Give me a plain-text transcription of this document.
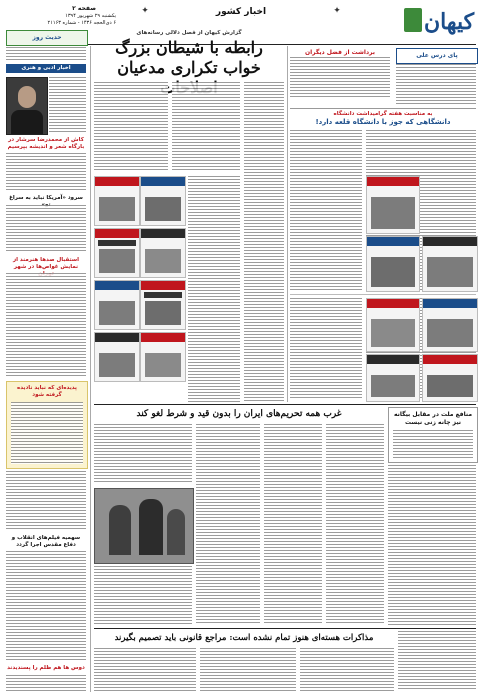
کیهان
اخبار کشور
✦	✦
صفحه ۲
یکشنبه ۲۹ شهریور ۱۳۹۴
۶ ذی‌الحجه ۱۴۳۶ - شماره ۲۱۱۶۳
پای درس علی
برداشت از فضل دیگران
به مناسبت هفته گرامیداشت دانشگاه
دانشگاهی که جوز با دانشگاه قلعه دارد!
حدیث روز
اخبار ادبی و هنری
کاش از محمدرضا سرشار در بارگاه شعر و اندیشه بپرسیم
سرود «آمریکا نباید به سراغ
استقبال صدها هنرمند از نمایش غواص‌ها در شهر
پدیده‌ای که نباید نادیده گرفته شود
سهمیه فیلم‌های انقلاب و دفاع مقدس اجرا گردد
دوس ها هم ظلم را پسندیدند
گزارش کیهان از فصل دلالی رسانه‌های
رابطه با شیطان بزرگ
خواب تکراری مدعیان
غرب همه تحریم‌های ایران را بدون قید و شرط لغو کند	منافع ملت در مقابل بیگانه نیز چانه زنی نیست
مذاکرات هسته‌ای هنوز تمام نشده است: مراجع قانونی باید تصمیم بگیرند
